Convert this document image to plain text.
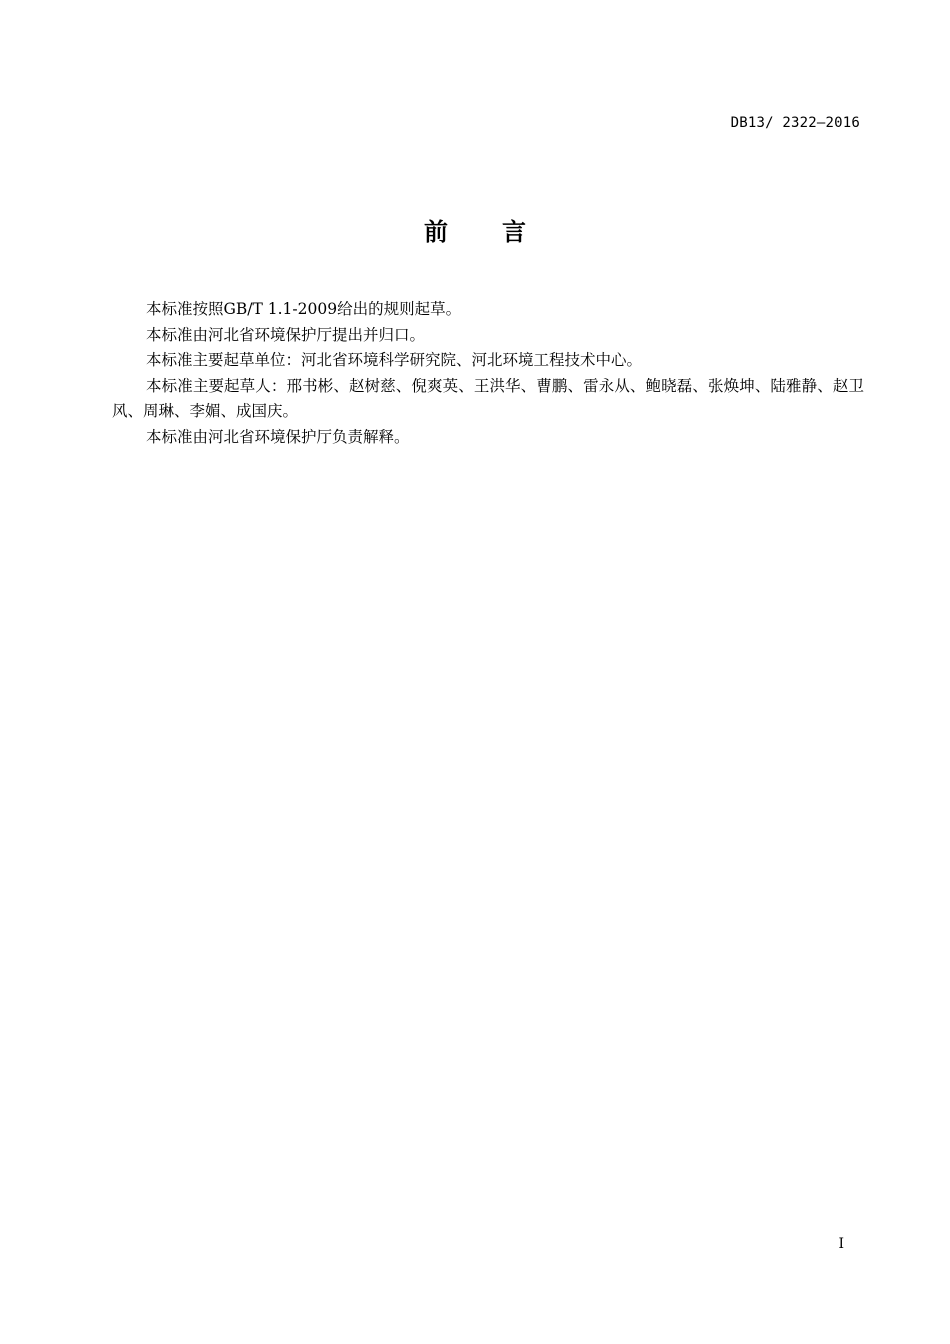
DB13/ 2322—2016
前 言

本标准按照GB/T 1.1-2009给出的规则起草。

本标准由河北省环境保护厅提出并归口。

本标准主要起草单位：河北省环境科学研究院、河北环境工程技术中心。

本标准主要起草人：邢书彬、赵树慈、倪爽英、王洪华、曹鹏、雷永从、鲍晓磊、张焕坤、陆雅静、赵卫风、周琳、李媚、成国庆。

本标准由河北省环境保护厅负责解释。

I
